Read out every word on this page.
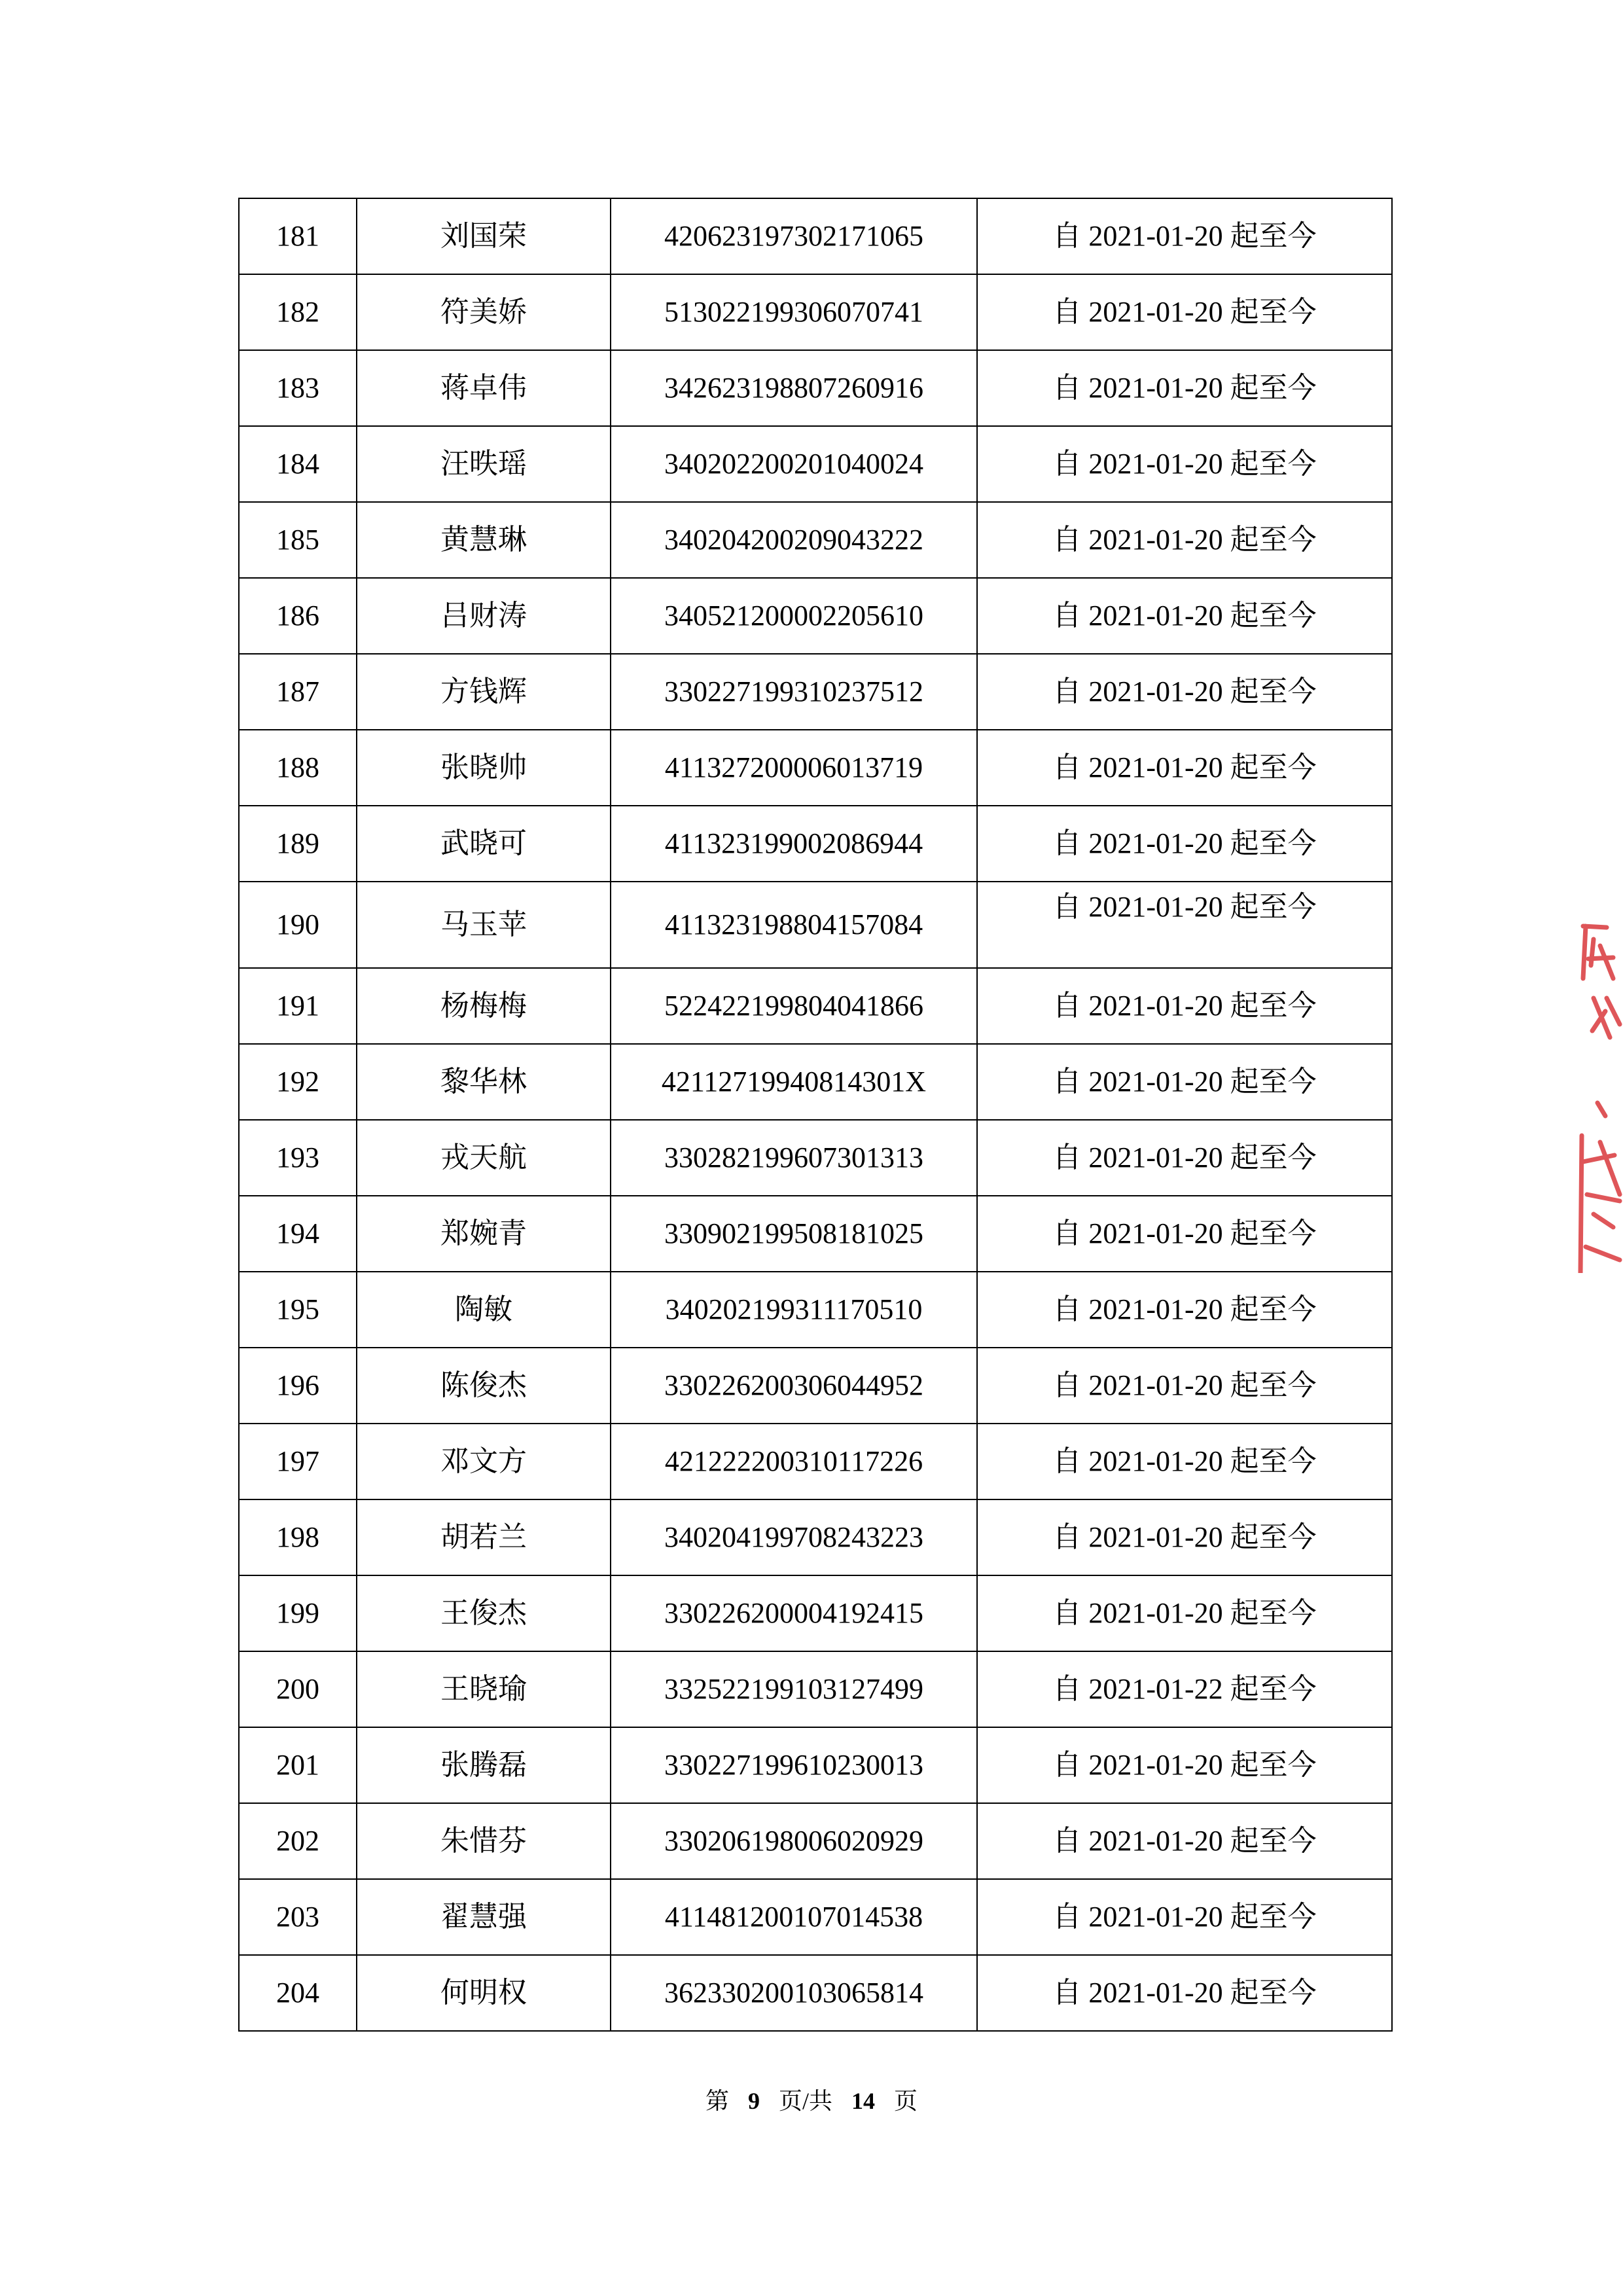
181	刘国荣	420623197302171065	自 2021-01-20 起至今
182	符美娇	513022199306070741	自 2021-01-20 起至今
183	蒋卓伟	342623198807260916	自 2021-01-20 起至今
184	汪昳瑶	340202200201040024	自 2021-01-20 起至今
185	黄慧琳	340204200209043222	自 2021-01-20 起至今
186	吕财涛	340521200002205610	自 2021-01-20 起至今
187	方钱辉	330227199310237512	自 2021-01-20 起至今
188	张晓帅	411327200006013719	自 2021-01-20 起至今
189	武晓可	411323199002086944	自 2021-01-20 起至今
190	马玉苹	411323198804157084	自 2021-01-20 起至今
191	杨梅梅	522422199804041866	自 2021-01-20 起至今
192	黎华林	42112719940814301X	自 2021-01-20 起至今
193	戎天航	330282199607301313	自 2021-01-20 起至今
194	郑婉青	330902199508181025	自 2021-01-20 起至今
195	陶敏	340202199311170510	自 2021-01-20 起至今
196	陈俊杰	330226200306044952	自 2021-01-20 起至今
197	邓文方	421222200310117226	自 2021-01-20 起至今
198	胡若兰	340204199708243223	自 2021-01-20 起至今
199	王俊杰	330226200004192415	自 2021-01-20 起至今
200	王晓瑜	332522199103127499	自 2021-01-22 起至今
201	张腾磊	330227199610230013	自 2021-01-20 起至今
202	朱惜芬	330206198006020929	自 2021-01-20 起至今
203	翟慧强	411481200107014538	自 2021-01-20 起至今
204	何明权	362330200103065814	自 2021-01-20 起至今
第 9 页/共 14 页
